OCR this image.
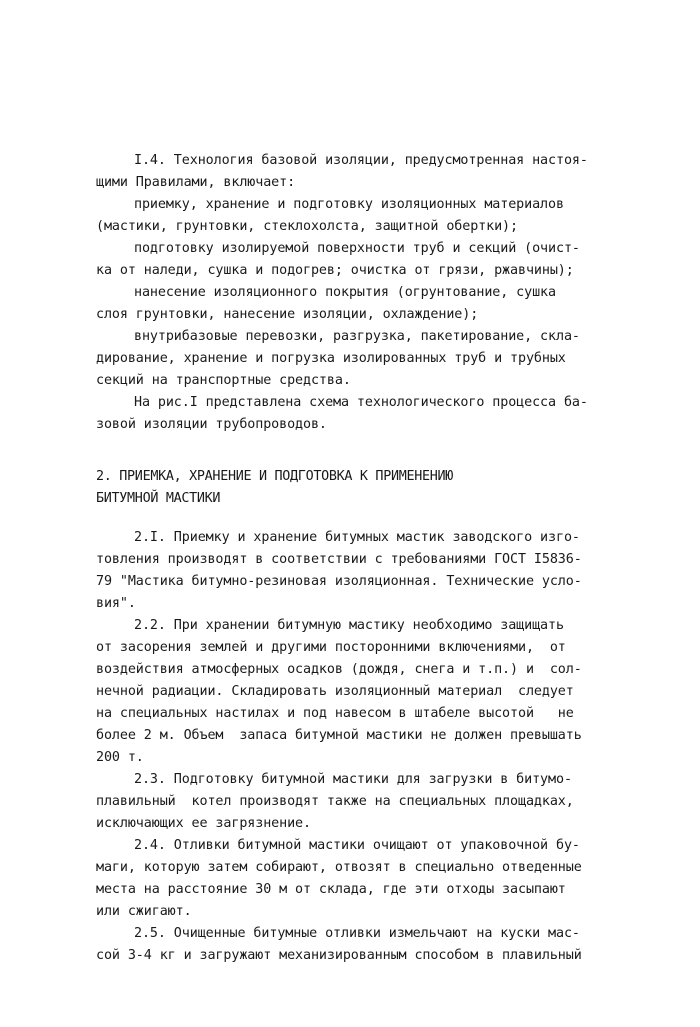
I.4. Технология базовой изоляции, предусмотренная настоя-
щими Правилами, включает:
приемку, хранение и подготовку изоляционных материалов
(мастики, грунтовки, стеклохолста, защитной обертки);
подготовку изолируемой поверхности труб и секций (очист-
ка от наледи, сушка и подогрев; очистка от грязи, ржавчины);
нанесение изоляционного покрытия (огрунтование, сушка
слоя грунтовки, нанесение изоляции, охлаждение);
внутрибазовые перевозки, разгрузка, пакетирование, скла-
дирование, хранение и погрузка изолированных труб и трубных
секций на транспортные средства.
На рис.I представлена схема технологического процесса ба-
зовой изоляции трубопроводов.
2. ПРИЕМКА, ХРАНЕНИЕ И ПОДГОТОВКА К ПРИМЕНЕНИЮ
БИТУМНОЙ МАСТИКИ
2.I. Приемку и хранение битумных мастик заводского изго-
товления производят в соответствии с требованиями ГОСТ I5836-
79 "Мастика битумно-резиновая изоляционная. Технические усло-
вия".
2.2. При хранении битумную мастику необходимо защищать
от засорения землей и другими посторонними включениями,  от
воздействия атмосферных осадков (дождя, снега и т.п.) и  сол-
нечной радиации. Складировать изоляционный материал  следует
на специальных настилах и под навесом в штабеле высотой   не
более 2 м. Объем  запаса битумной мастики не должен превышать
200 т.
2.3. Подготовку битумной мастики для загрузки в битумо-
плавильный  котел производят также на специальных площадках,
исключающих ее загрязнение.
2.4. Отливки битумной мастики очищают от упаковочной бу-
маги, которую затем собирают, отвозят в специально отведенные
места на расстояние 30 м от склада, где эти отходы засыпают
или сжигают.
2.5. Очищенные битумные отливки измельчают на куски мас-
сой 3-4 кг и загружают механизированным способом в плавильный
